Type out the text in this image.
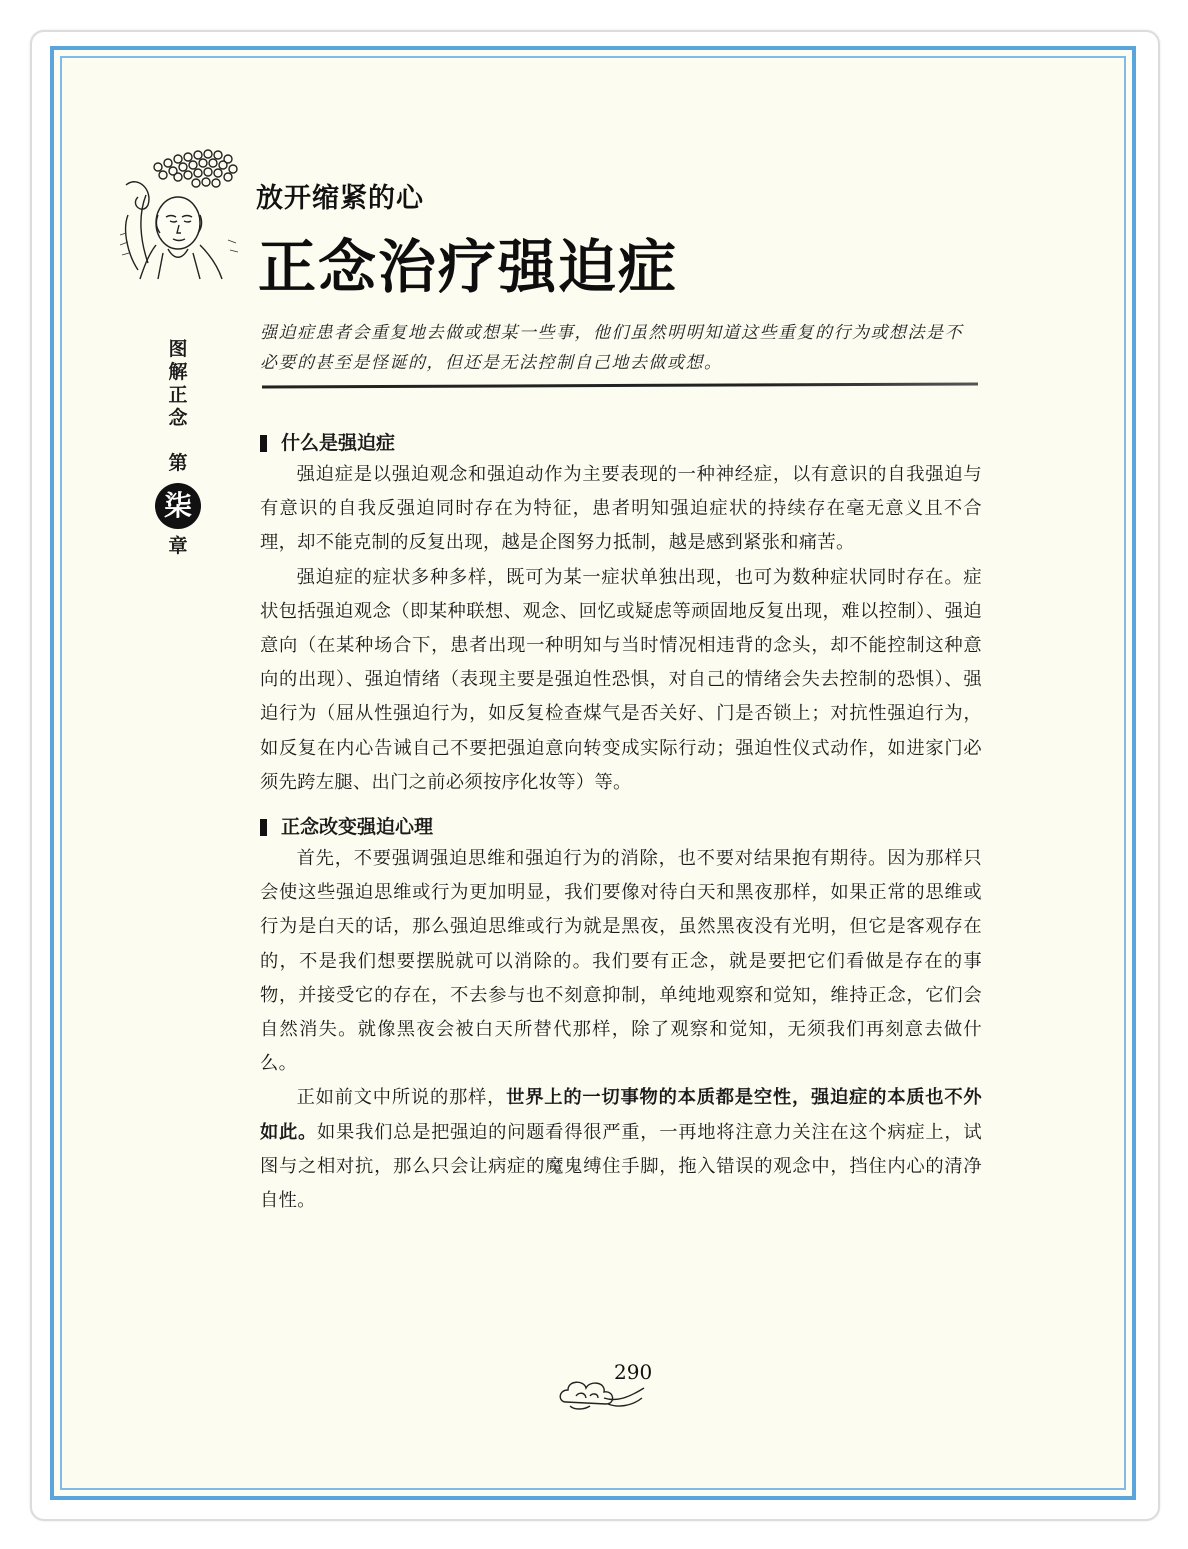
放开缩紧的心
正念治疗强迫症
强迫症患者会重复地去做或想某一些事，他们虽然明明知道这些重复的行为或想法是不必要的甚至是怪诞的，但还是无法控制自己地去做或想。
图
解
正
念
第
柒
章
什么是强迫症

强迫症是以强迫观念和强迫动作为主要表现的一种神经症，以有意识的自我强迫与有意识的自我反强迫同时存在为特征，患者明知强迫症状的持续存在毫无意义且不合理，却不能克制的反复出现，越是企图努力抵制，越是感到紧张和痛苦。

强迫症的症状多种多样，既可为某一症状单独出现，也可为数种症状同时存在。症状包括强迫观念（即某种联想、观念、回忆或疑虑等顽固地反复出现，难以控制）、强迫意向（在某种场合下，患者出现一种明知与当时情况相违背的念头，却不能控制这种意向的出现）、强迫情绪（表现主要是强迫性恐惧，对自己的情绪会失去控制的恐惧）、强迫行为（屈从性强迫行为，如反复检查煤气是否关好、门是否锁上；对抗性强迫行为，如反复在内心告诫自己不要把强迫意向转变成实际行动；强迫性仪式动作，如进家门必须先跨左腿、出门之前必须按序化妆等）等。

正念改变强迫心理

首先，不要强调强迫思维和强迫行为的消除，也不要对结果抱有期待。因为那样只会使这些强迫思维或行为更加明显，我们要像对待白天和黑夜那样，如果正常的思维或行为是白天的话，那么强迫思维或行为就是黑夜，虽然黑夜没有光明，但它是客观存在的，不是我们想要摆脱就可以消除的。我们要有正念，就是要把它们看做是存在的事物，并接受它的存在，不去参与也不刻意抑制，单纯地观察和觉知，维持正念，它们会自然消失。就像黑夜会被白天所替代那样，除了观察和觉知，无须我们再刻意去做什么。

正如前文中所说的那样，世界上的一切事物的本质都是空性，强迫症的本质也不外如此。如果我们总是把强迫的问题看得很严重，一再地将注意力关注在这个病症上，试图与之相对抗，那么只会让病症的魔鬼缚住手脚，拖入错误的观念中，挡住内心的清净自性。

290
